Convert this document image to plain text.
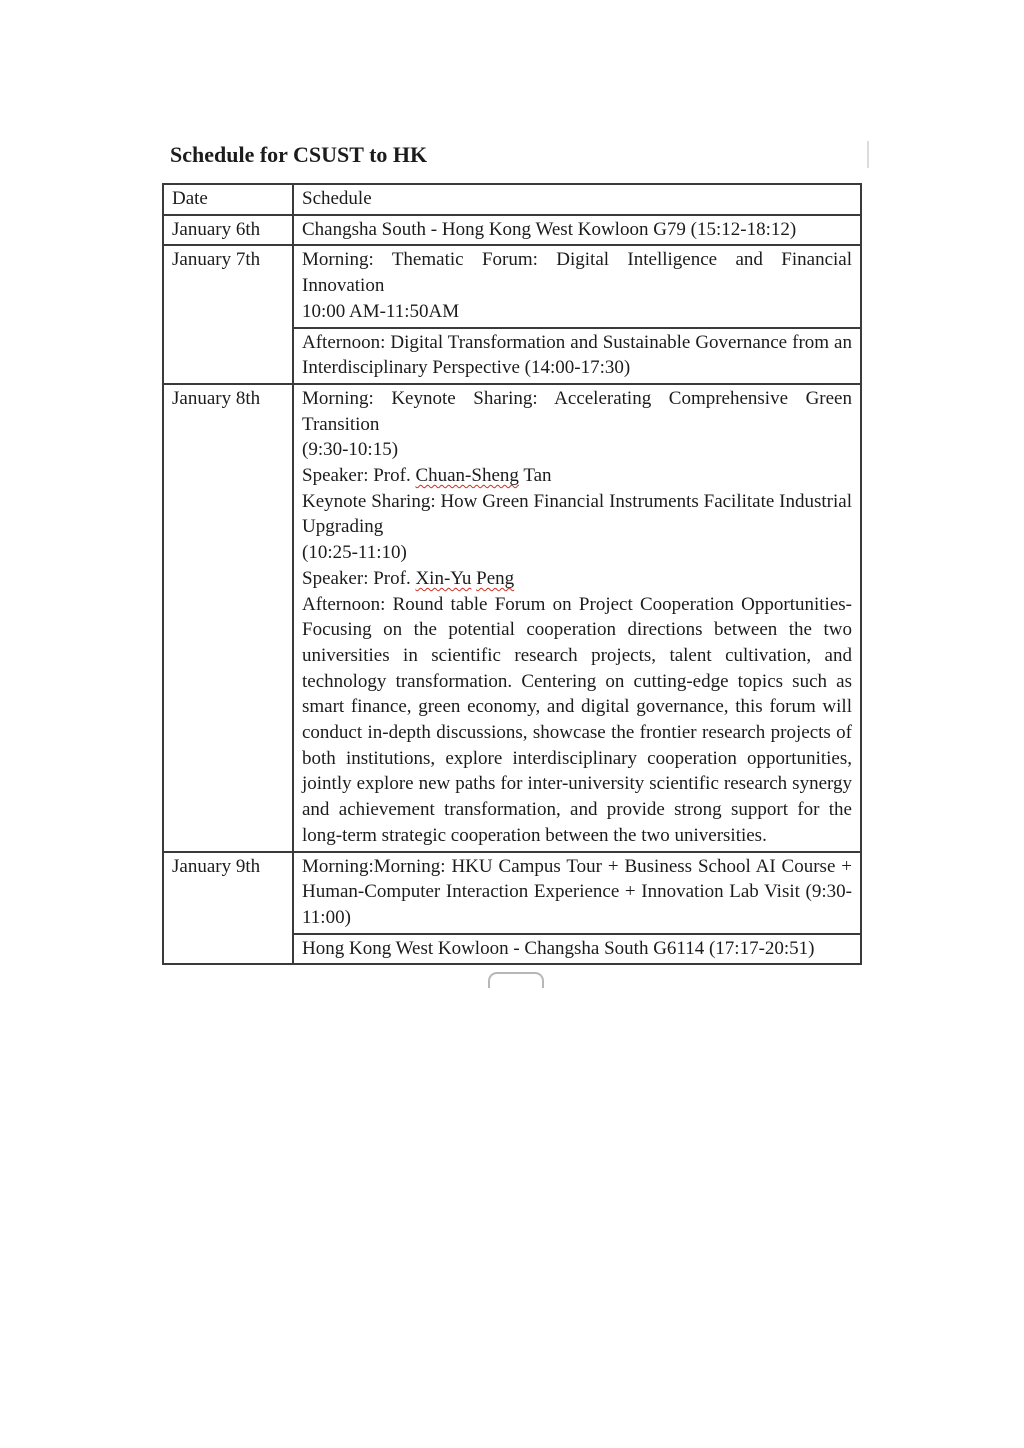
Schedule for CSUST to HK
Date	Schedule
January 6th	Changsha South - Hong Kong West Kowloon G79 (15:12-18:12)

January 7th	Morning: Thematic Forum: Digital Intelligence and Financial Innovation

10:00 AM-11:50AM

	Afternoon: Digital Transformation and Sustainable Governance from an Interdisciplinary Perspective (14:00-17:30)

January 8th	Morning: Keynote Sharing: Accelerating Comprehensive Green Transition

(9:30-10:15)

Speaker: Prof. Chuan-Sheng Tan

Keynote Sharing: How Green Financial Instruments Facilitate Industrial Upgrading

(10:25-11:10)

Speaker: Prof. Xin-Yu Peng

Afternoon: Round table Forum on Project Cooperation Opportunities-Focusing on the potential cooperation directions between the two universities in scientific research projects, talent cultivation, and technology transformation. Centering on cutting-edge topics such as smart finance, green economy, and digital governance, this forum will conduct in-depth discussions, showcase the frontier research projects of both institutions, explore interdisciplinary cooperation opportunities, jointly explore new paths for inter-university scientific research synergy and achievement transformation, and provide strong support for the long-term strategic cooperation between the two universities.

January 9th	Morning:Morning: HKU Campus Tour + Business School AI Course + Human-Computer Interaction Experience + Innovation Lab Visit (9:30-11:00)

	Hong Kong West Kowloon - Changsha South G6114 (17:17-20:51)
